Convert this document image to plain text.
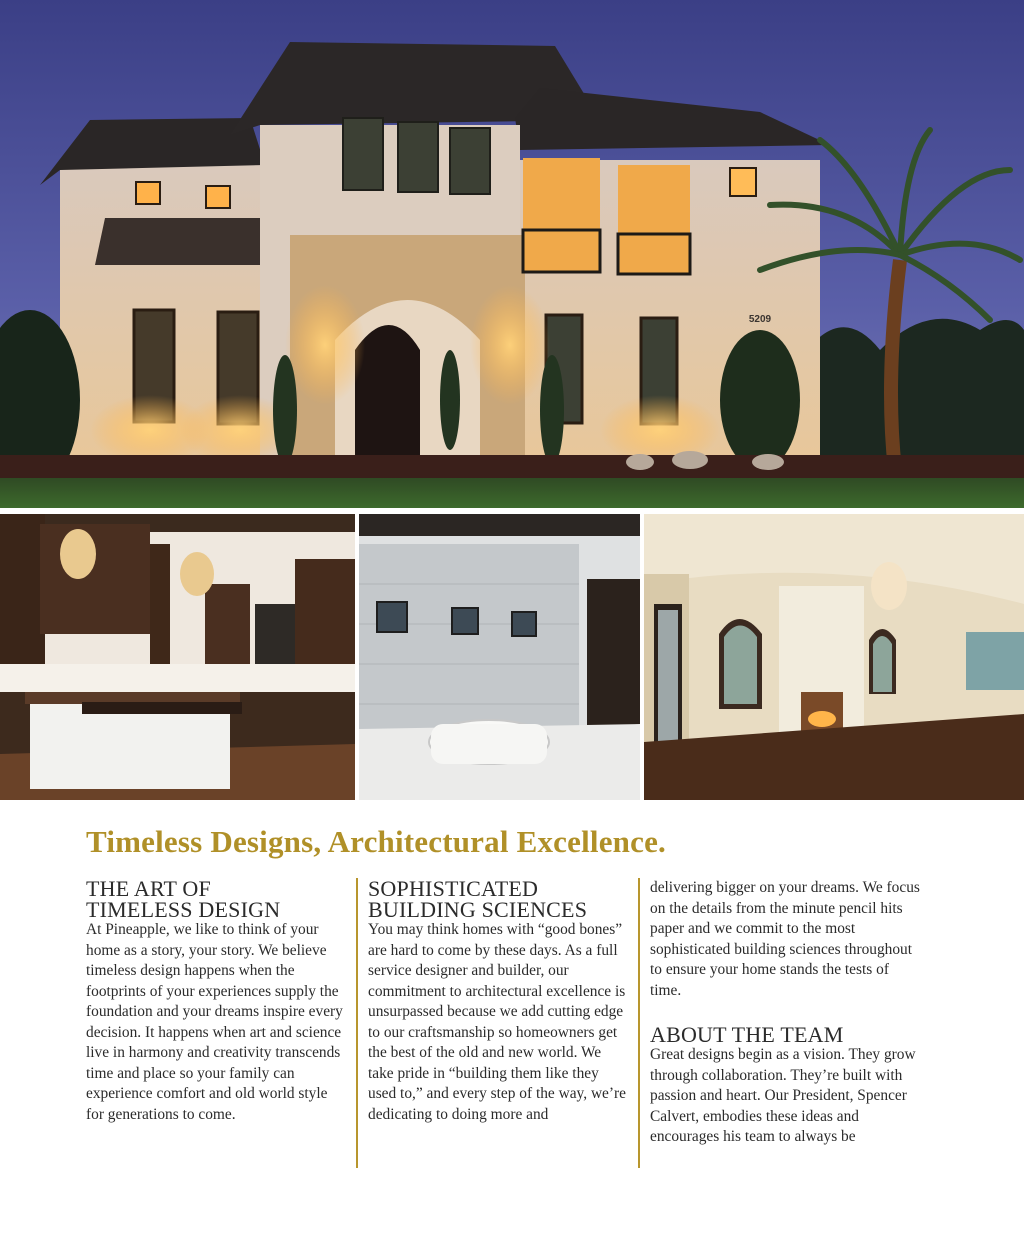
5209
Timeless Designs, Architectural Excellence.
THE ART OF
TIMELESS DESIGN

At Pineapple, we like to think of your home as a story, your story. We believe timeless design happens when the footprints of your experiences supply the foundation and your dreams inspire every decision. It happens when art and science live in harmony and creativity transcends time and place so your family can experience comfort and old world style for generations to come.

SOPHISTICATED
BUILDING SCIENCES

You may think homes with “good bones” are hard to come by these days. As a full service designer and builder, our commitment to architectural excellence is unsurpassed because we add cutting edge to our craftsmanship so homeowners get the best of the old and new world. We take pride in “building them like they used to,” and every step of the way, we’re dedicating to doing more and

delivering bigger on your dreams. We focus on the details from the minute pencil hits paper and we commit to the most sophisticated building sciences throughout to ensure your home stands the tests of time.

ABOUT THE TEAM

Great designs begin as a vision. They grow through collaboration. They’re built with passion and heart. Our President, Spencer Calvert, embodies these ideas and encourages his team to always be
